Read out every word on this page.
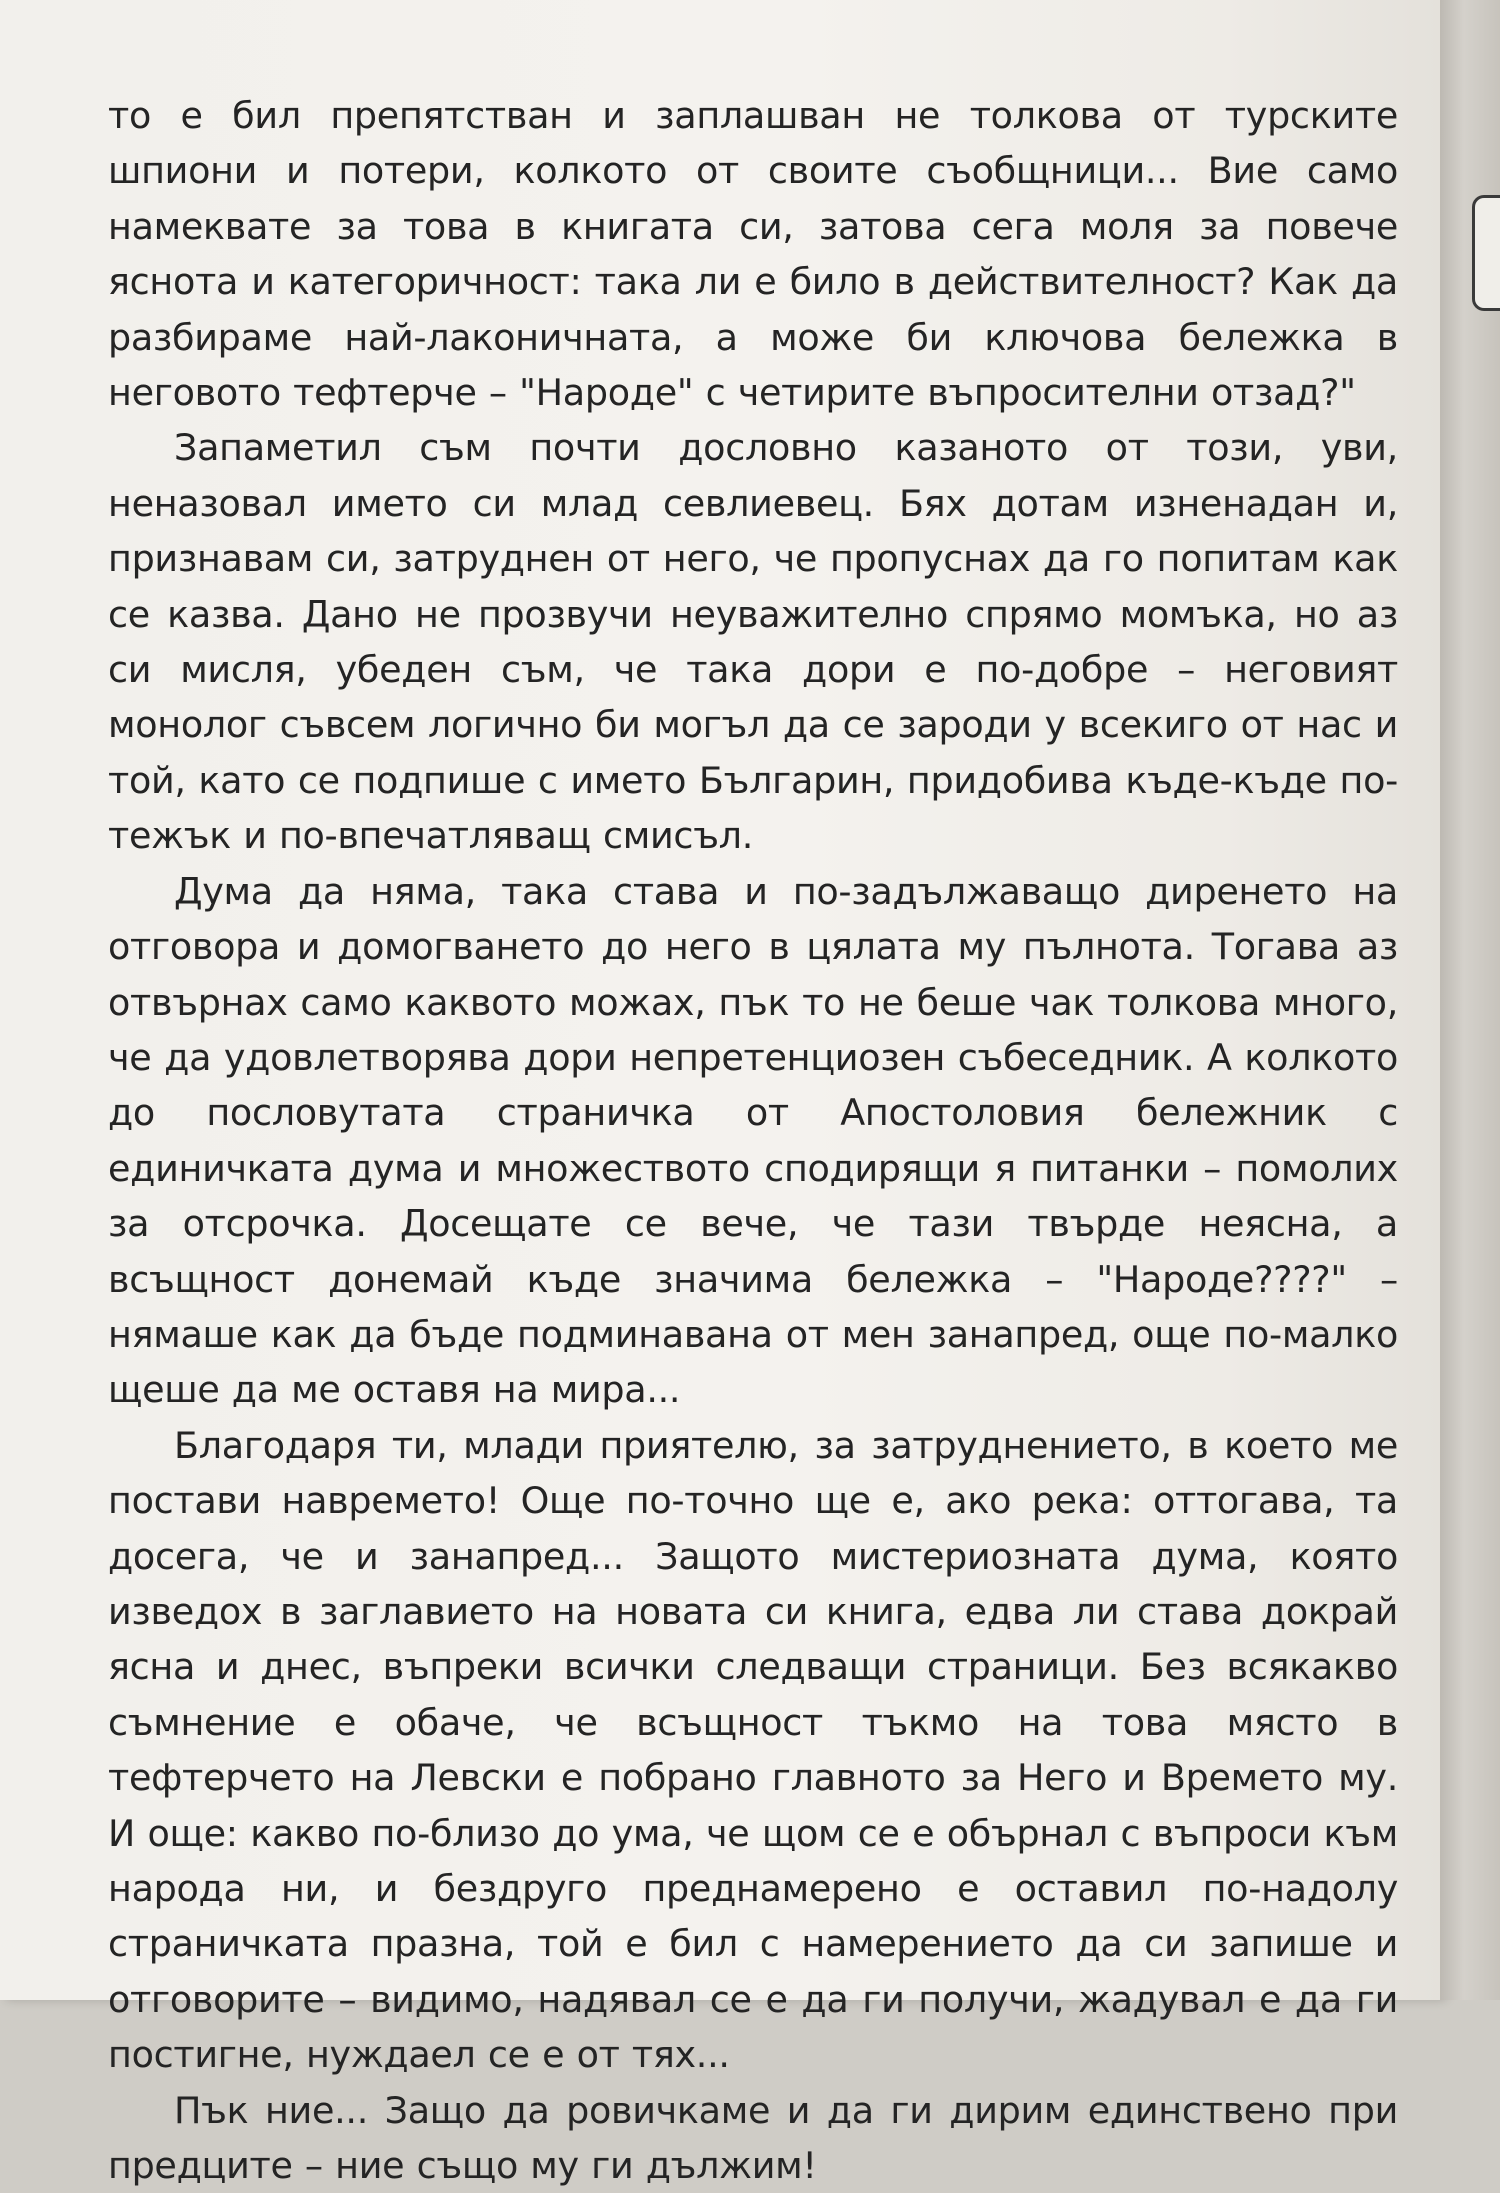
то е бил препятстван и заплашван не толкова от турските шпиони и потери, колкото от своите съобщници... Вие само намеквате за това в книгата си, затова сега моля за повече яснота и категоричност: така ли е било в действителност? Как да разбираме най-лаконичната, а може би ключова бележка в неговото тефтерче – "Народе" с четирите въпросителни отзад?"

Запаметил съм почти дословно казаното от този, уви, неназовал името си млад севлиевец. Бях дотам изненадан и, признавам си, затруднен от него, че пропуснах да го попитам как се казва. Дано не прозвучи неуважително спрямо момъка, но аз си мисля, убеден съм, че така дори е по-добре – неговият монолог съвсем логично би могъл да се зароди у всекиго от нас и той, като се подпише с името Българин, придобива къде-къде по-тежък и по-впечатляващ смисъл.

Дума да няма, така става и по-задължаващо диренето на отговора и домогването до него в цялата му пълнота. Тогава аз отвърнах само каквото можах, пък то не беше чак толкова много, че да удовлетворява дори непретенциозен събеседник. А колкото до пословутата страничка от Апостоловия бележник с единичката дума и множеството сподирящи я питанки – помолих за отсрочка. Досещате се вече, че тази твърде неясна, а всъщност донемай къде значима бележка – "Народе????" – нямаше как да бъде подминавана от мен занапред, още по-малко щеше да ме оставя на мира...

Благодаря ти, млади приятелю, за затруднението, в което ме постави навремето! Още по-точно ще е, ако река: оттогава, та досега, че и занапред... Защото мистериозната дума, която изведох в заглавието на новата си книга, едва ли става докрай ясна и днес, въпреки всички следващи страници. Без всякакво съмнение е обаче, че всъщност тъкмо на това място в тефтерчето на Левски е побрано главното за Него и Времето му. И още: какво по-близо до ума, че щом се е обърнал с въпроси към народа ни, и бездруго преднамерено е оставил по-надолу страничката празна, той е бил с намерението да си запише и отговорите – видимо, надявал се е да ги получи, жадувал е да ги постигне, нуждаел се е от тях...

Пък ние... Защо да ровичкаме и да ги дирим единствено при предците – ние също му ги дължим!
